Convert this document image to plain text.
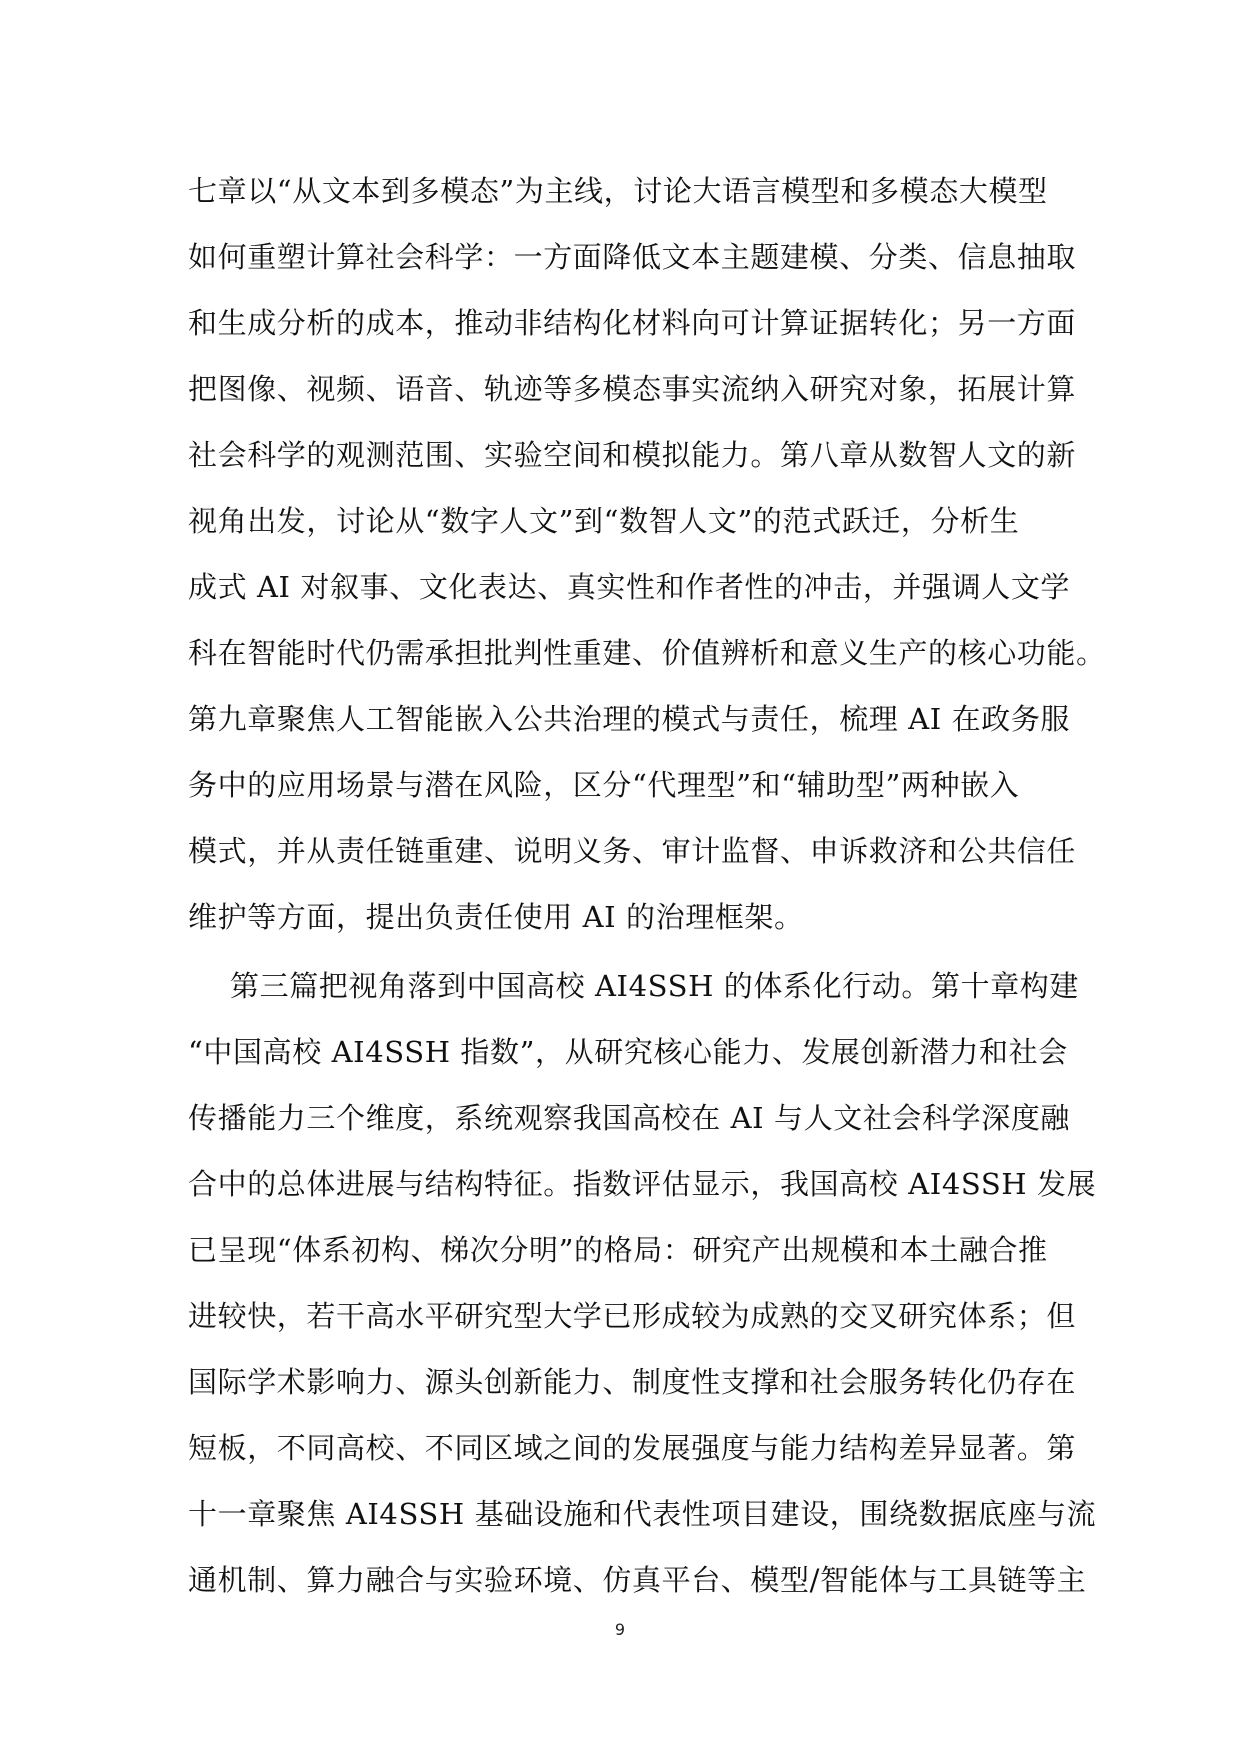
七章以“从文本到多模态”为主线，讨论大语言模型和多模态大模型
如何重塑计算社会科学：一方面降低文本主题建模、分类、信息抽取
和生成分析的成本，推动非结构化材料向可计算证据转化；另一方面
把图像、视频、语音、轨迹等多模态事实流纳入研究对象，拓展计算
社会科学的观测范围、实验空间和模拟能力。第八章从数智人文的新
视角出发，讨论从“数字人文”到“数智人文”的范式跃迁，分析生
成式 AI 对叙事、文化表达、真实性和作者性的冲击，并强调人文学
科在智能时代仍需承担批判性重建、价值辨析和意义生产的核心功能。
第九章聚焦人工智能嵌入公共治理的模式与责任，梳理 AI 在政务服
务中的应用场景与潜在风险，区分“代理型”和“辅助型”两种嵌入
模式，并从责任链重建、说明义务、审计监督、申诉救济和公共信任
维护等方面，提出负责任使用 AI 的治理框架。
第三篇把视角落到中国高校 AI4SSH 的体系化行动。第十章构建
“中国高校 AI4SSH 指数”，从研究核心能力、发展创新潜力和社会
传播能力三个维度，系统观察我国高校在 AI 与人文社会科学深度融
合中的总体进展与结构特征。指数评估显示，我国高校 AI4SSH 发展
已呈现“体系初构、梯次分明”的格局：研究产出规模和本土融合推
进较快，若干高水平研究型大学已形成较为成熟的交叉研究体系；但
国际学术影响力、源头创新能力、制度性支撑和社会服务转化仍存在
短板，不同高校、不同区域之间的发展强度与能力结构差异显著。第
十一章聚焦 AI4SSH 基础设施和代表性项目建设，围绕数据底座与流
通机制、算力融合与实验环境、仿真平台、模型/智能体与工具链等主
9
